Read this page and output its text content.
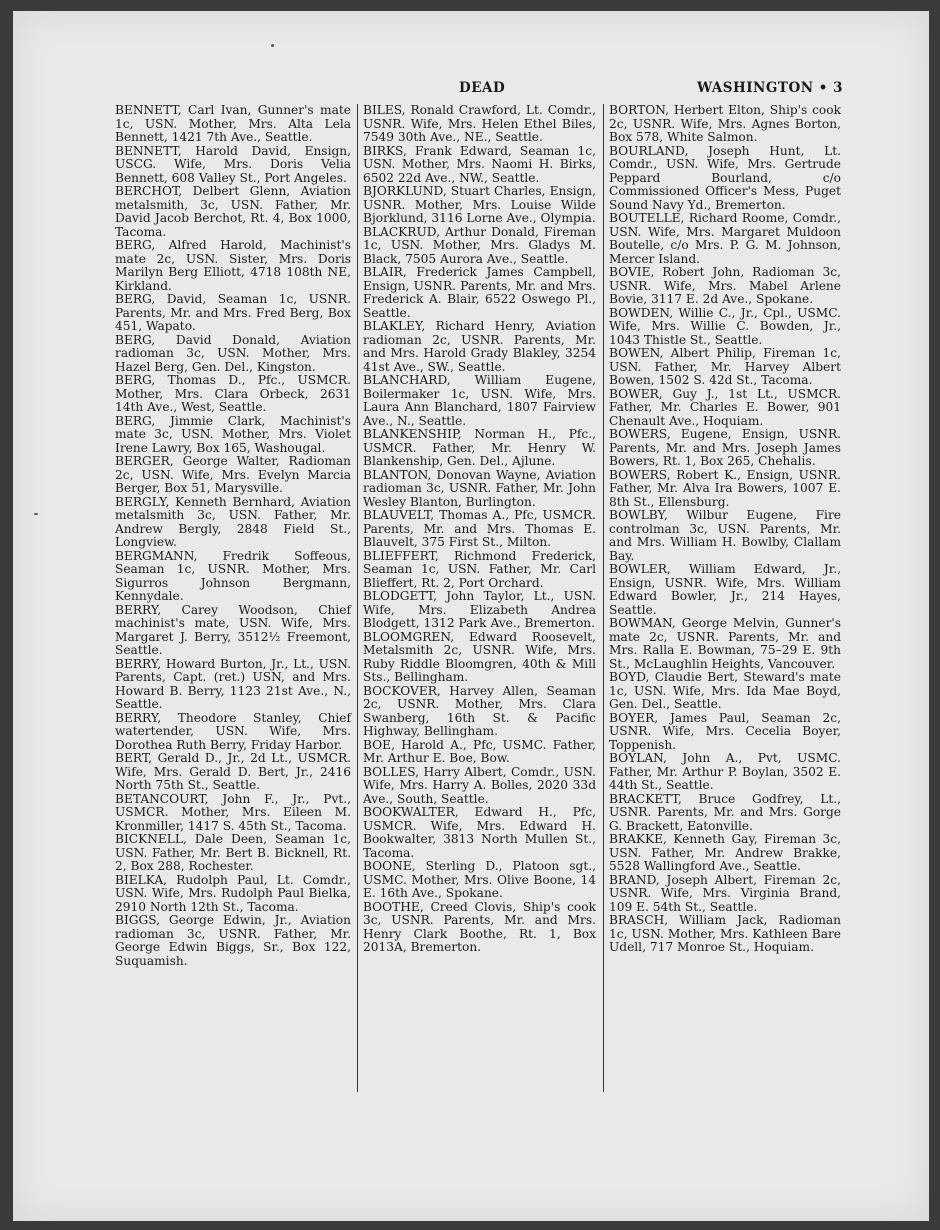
DEAD	WASHINGTON • 3

BENNETT, Carl Ivan, Gunner's mate 1c, USN. Mother, Mrs. Alta Lela Bennett, 1421 7th Ave., Seattle.

BENNETT, Harold David, Ensign, USCG. Wife, Mrs. Doris Velia Bennett, 608 Valley St., Port Angeles.

BERCHOT, Delbert Glenn, Aviation metalsmith, 3c, USN. Father, Mr. David Jacob Berchot, Rt. 4, Box 1000, Tacoma.

BERG, Alfred Harold, Machinist's mate 2c, USN. Sister, Mrs. Doris Marilyn Berg Elliott, 4718 108th NE, Kirkland.

BERG, David, Seaman 1c, USNR. Parents, Mr. and Mrs. Fred Berg, Box 451, Wapato.

BERG, David Donald, Aviation radioman 3c, USN. Mother, Mrs. Hazel Berg, Gen. Del., Kingston.

BERG, Thomas D., Pfc., USMCR. Mother, Mrs. Clara Orbeck, 2631 14th Ave., West, Seattle.

BERG, Jimmie Clark, Machinist's mate 3c, USN. Mother, Mrs. Violet Irene Lawry, Box 165, Washougal.

BERGER, George Walter, Radioman 2c, USN. Wife, Mrs. Evelyn Marcia Berger, Box 51, Marysville.

BERGLY, Kenneth Bernhard, Aviation metalsmith 3c, USN. Father, Mr. Andrew Bergly, 2848 Field St., Longview.

BERGMANN, Fredrik Soffeous, Seaman 1c, USNR. Mother, Mrs. Sigurros Johnson Bergmann, Kennydale.

BERRY, Carey Woodson, Chief machinist's mate, USN. Wife, Mrs. Margaret J. Berry, 3512½ Freemont, Seattle.

BERRY, Howard Burton, Jr., Lt., USN. Parents, Capt. (ret.) USN, and Mrs. Howard B. Berry, 1123 21st Ave., N., Seattle.

BERRY, Theodore Stanley, Chief watertender, USN. Wife, Mrs. Dorothea Ruth Berry, Friday Harbor.

BERT, Gerald D., Jr., 2d Lt., USMCR. Wife, Mrs. Gerald D. Bert, Jr., 2416 North 75th St., Seattle.

BETANCOURT, John F., Jr., Pvt., USMCR. Mother, Mrs. Eileen M. Kronmiller, 1417 S. 45th St., Tacoma.

BICKNELL, Dale Deen, Seaman 1c, USN. Father, Mr. Bert B. Bicknell, Rt. 2, Box 288, Rochester.

BIELKA, Rudolph Paul, Lt. Comdr., USN. Wife, Mrs. Rudolph Paul Bielka, 2910 North 12th St., Tacoma.

BIGGS, George Edwin, Jr., Aviation radioman 3c, USNR. Father, Mr. George Edwin Biggs, Sr., Box 122, Suquamish.

BILES, Ronald Crawford, Lt. Comdr., USNR. Wife, Mrs. Helen Ethel Biles, 7549 30th Ave., NE., Seattle.

BIRKS, Frank Edward, Seaman 1c, USN. Mother, Mrs. Naomi H. Birks, 6502 22d Ave., NW., Seattle.

BJORKLUND, Stuart Charles, Ensign, USNR. Mother, Mrs. Louise Wilde Bjorklund, 3116 Lorne Ave., Olympia.

BLACKRUD, Arthur Donald, Fireman 1c, USN. Mother, Mrs. Gladys M. Black, 7505 Aurora Ave., Seattle.

BLAIR, Frederick James Campbell, Ensign, USNR. Parents, Mr. and Mrs. Frederick A. Blair, 6522 Oswego Pl., Seattle.

BLAKLEY, Richard Henry, Aviation radioman 2c, USNR. Parents, Mr. and Mrs. Harold Grady Blakley, 3254 41st Ave., SW., Seattle.

BLANCHARD, William Eugene, Boilermaker 1c, USN. Wife, Mrs. Laura Ann Blanchard, 1807 Fairview Ave., N., Seattle.

BLANKENSHIP, Norman H., Pfc., USMCR. Father, Mr. Henry W. Blankenship, Gen. Del., Ajlune.

BLANTON, Donovan Wayne, Aviation radioman 3c, USNR. Father, Mr. John Wesley Blanton, Burlington.

BLAUVELT, Thomas A., Pfc, USMCR. Parents, Mr. and Mrs. Thomas E. Blauvelt, 375 First St., Milton.

BLIEFFERT, Richmond Frederick, Seaman 1c, USN. Father, Mr. Carl Blieffert, Rt. 2, Port Orchard.

BLODGETT, John Taylor, Lt., USN. Wife, Mrs. Elizabeth Andrea Blodgett, 1312 Park Ave., Bremerton.

BLOOMGREN, Edward Roosevelt, Metalsmith 2c, USNR. Wife, Mrs. Ruby Riddle Bloomgren, 40th & Mill Sts., Bellingham.

BOCKOVER, Harvey Allen, Seaman 2c, USNR. Mother, Mrs. Clara Swanberg, 16th St. & Pacific Highway, Bellingham.

BOE, Harold A., Pfc, USMC. Father, Mr. Arthur E. Boe, Bow.

BOLLES, Harry Albert, Comdr., USN. Wife, Mrs. Harry A. Bolles, 2020 33d Ave., South, Seattle.

BOOKWALTER, Edward H., Pfc, USMCR. Wife, Mrs. Edward H. Bookwalter, 3813 North Mullen St., Tacoma.

BOONE, Sterling D., Platoon sgt., USMC. Mother, Mrs. Olive Boone, 14 E. 16th Ave., Spokane.

BOOTHE, Creed Clovis, Ship's cook 3c, USNR. Parents, Mr. and Mrs. Henry Clark Boothe, Rt. 1, Box 2013A, Bremerton.

BORTON, Herbert Elton, Ship's cook 2c, USNR. Wife, Mrs. Agnes Borton, Box 578, White Salmon.

BOURLAND, Joseph Hunt, Lt. Comdr., USN. Wife, Mrs. Gertrude Peppard Bourland, c/o Commissioned Officer's Mess, Puget Sound Navy Yd., Bremerton.

BOUTELLE, Richard Roome, Comdr., USN. Wife, Mrs. Margaret Muldoon Boutelle, c/o Mrs. P. G. M. Johnson, Mercer Island.

BOVIE, Robert John, Radioman 3c, USNR. Wife, Mrs. Mabel Arlene Bovie, 3117 E. 2d Ave., Spokane.

BOWDEN, Willie C., Jr., Cpl., USMC. Wife, Mrs. Willie C. Bowden, Jr., 1043 Thistle St., Seattle.

BOWEN, Albert Philip, Fireman 1c, USN. Father, Mr. Harvey Albert Bowen, 1502 S. 42d St., Tacoma.

BOWER, Guy J., 1st Lt., USMCR. Father, Mr. Charles E. Bower, 901 Chenault Ave., Hoquiam.

BOWERS, Eugene, Ensign, USNR. Parents, Mr. and Mrs. Joseph James Bowers, Rt. 1, Box 265, Chehalis.

BOWERS, Robert K., Ensign, USNR. Father, Mr. Alva Ira Bowers, 1007 E. 8th St., Ellensburg.

BOWLBY, Wilbur Eugene, Fire controlman 3c, USN. Parents, Mr. and Mrs. William H. Bowlby, Clallam Bay.

BOWLER, William Edward, Jr., Ensign, USNR. Wife, Mrs. William Edward Bowler, Jr., 214 Hayes, Seattle.

BOWMAN, George Melvin, Gunner's mate 2c, USNR. Parents, Mr. and Mrs. Ralla E. Bowman, 75–29 E. 9th St., McLaughlin Heights, Vancouver.

BOYD, Claudie Bert, Steward's mate 1c, USN. Wife, Mrs. Ida Mae Boyd, Gen. Del., Seattle.

BOYER, James Paul, Seaman 2c, USNR. Wife, Mrs. Cecelia Boyer, Toppenish.

BOYLAN, John A., Pvt, USMC. Father, Mr. Arthur P. Boylan, 3502 E. 44th St., Seattle.

BRACKETT, Bruce Godfrey, Lt., USNR. Parents, Mr. and Mrs. Gorge G. Brackett, Eatonville.

BRAKKE, Kenneth Gay, Fireman 3c, USN. Father, Mr. Andrew Brakke, 5528 Wallingford Ave., Seattle.

BRAND, Joseph Albert, Fireman 2c, USNR. Wife, Mrs. Virginia Brand, 109 E. 54th St., Seattle.

BRASCH, William Jack, Radioman 1c, USN. Mother, Mrs. Kathleen Bare Udell, 717 Monroe St., Hoquiam.
